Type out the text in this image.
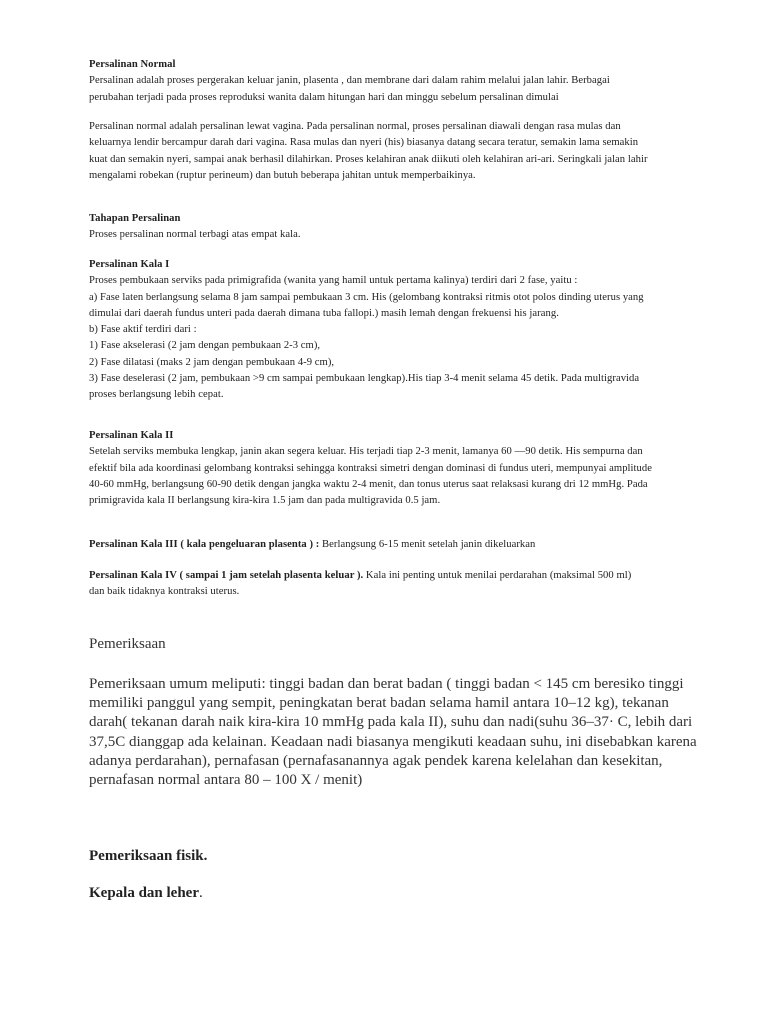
Persalinan Normal
Persalinan adalah proses pergerakan keluar janin, plasenta , dan membrane dari dalam rahim melalui jalan lahir. Berbagai
perubahan terjadi pada proses reproduksi wanita dalam hitungan hari dan minggu sebelum persalinan dimulai
Persalinan normal adalah persalinan lewat vagina. Pada persalinan normal, proses persalinan diawali dengan rasa mulas dan
keluarnya lendir bercampur darah dari vagina. Rasa mulas dan nyeri (his) biasanya datang secara teratur, semakin lama semakin
kuat dan semakin nyeri, sampai anak berhasil dilahirkan. Proses kelahiran anak diikuti oleh kelahiran ari-ari. Seringkali jalan lahir
mengalami robekan (ruptur perineum) dan butuh beberapa jahitan untuk memperbaikinya.
Tahapan Persalinan
Proses persalinan normal terbagi atas empat kala.
Persalinan Kala I
Proses pembukaan serviks pada primigrafida (wanita yang hamil untuk pertama kalinya) terdiri dari 2 fase, yaitu :
a) Fase laten berlangsung selama 8 jam sampai pembukaan 3 cm. His (gelombang kontraksi ritmis otot polos dinding uterus yang
dimulai dari daerah fundus unteri pada daerah dimana tuba fallopi.) masih lemah dengan frekuensi his jarang.
b) Fase aktif terdiri dari :
1) Fase akselerasi (2 jam dengan pembukaan 2-3 cm),
2) Fase dilatasi (maks 2 jam dengan pembukaan 4-9 cm),
3) Fase deselerasi (2 jam, pembukaan >9 cm sampai pembukaan lengkap).His tiap 3-4 menit selama 45 detik. Pada multigravida
proses berlangsung lebih cepat.
Persalinan Kala II
Setelah serviks membuka lengkap, janin akan segera keluar. His terjadi tiap 2-3 menit, lamanya 60 —90 detik. His sempurna dan
efektif bila ada koordinasi gelombang kontraksi sehingga kontraksi simetri dengan dominasi di fundus uteri, mempunyai amplitude
40-60 mmHg, berlangsung 60-90 detik dengan jangka waktu 2-4 menit, dan tonus uterus saat relaksasi kurang dri 12 mmHg. Pada
primigravida kala II berlangsung kira-kira 1.5 jam dan pada multigravida 0.5 jam.
Persalinan Kala III ( kala pengeluaran plasenta ) : Berlangsung 6-15 menit setelah janin dikeluarkan
Persalinan Kala IV ( sampai 1 jam setelah plasenta keluar ). Kala ini penting untuk menilai perdarahan (maksimal 500 ml)
dan baik tidaknya kontraksi uterus.
Pemeriksaan
Pemeriksaan umum meliputi: tinggi badan dan berat badan ( tinggi badan < 145 cm beresiko tinggi
memiliki panggul yang sempit, peningkatan berat badan selama hamil antara 10–12 kg), tekanan
darah( tekanan darah naik kira-kira 10 mmHg pada kala II), suhu dan nadi(suhu 36–37· C, lebih dari
37,5C dianggap ada kelainan. Keadaan nadi biasanya mengikuti keadaan suhu, ini disebabkan karena
adanya perdarahan), pernafasan (pernafasanannya agak pendek karena kelelahan dan kesekitan,
pernafasan normal antara 80 – 100 X / menit)
Pemeriksaan fisik.
Kepala dan leher.
